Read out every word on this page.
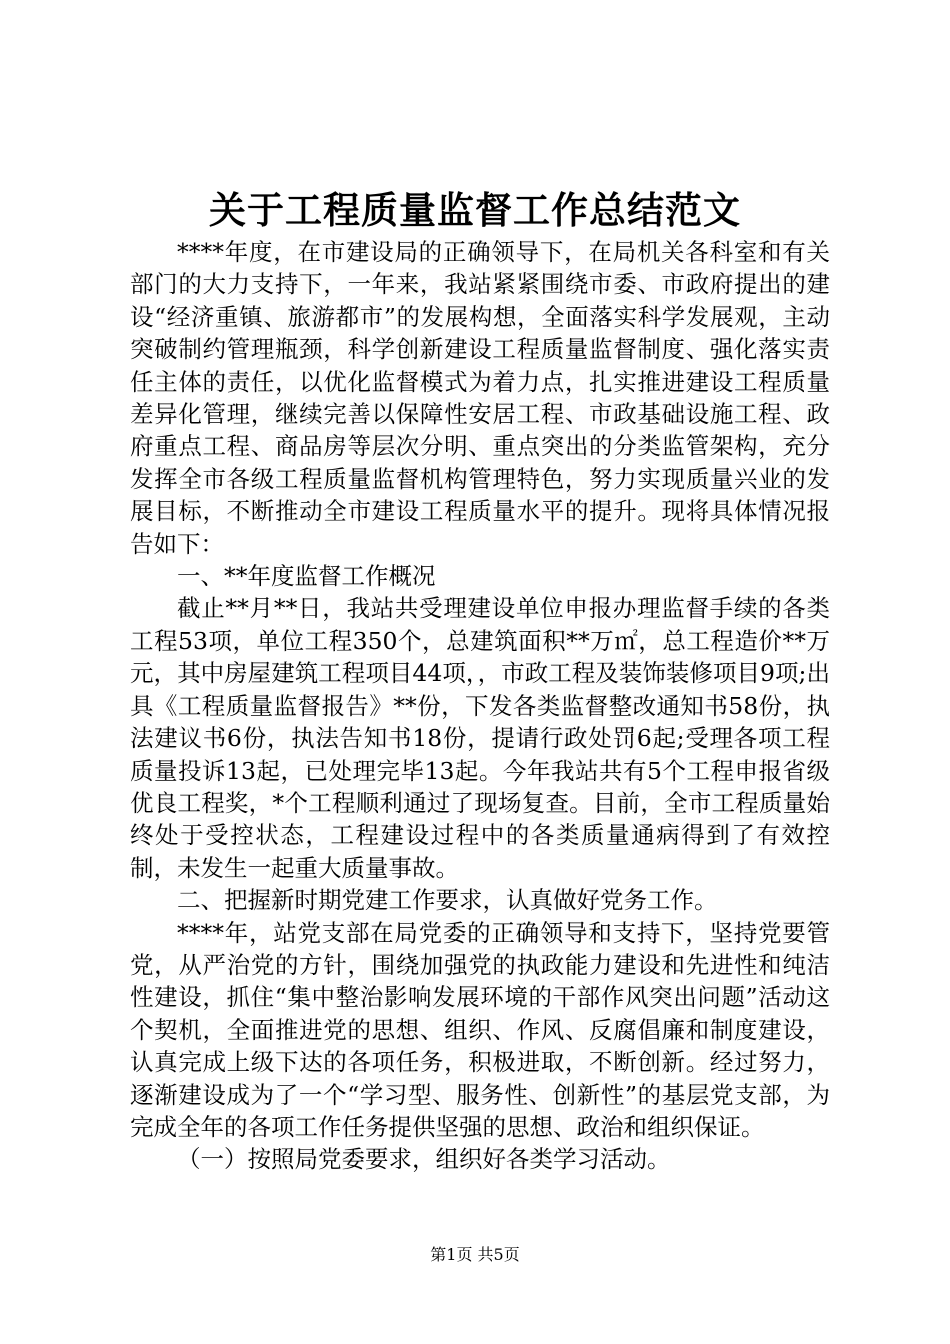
关于工程质量监督工作总结范文

****年度，在市建设局的正确领导下，在局机关各科室和有关部门的大力支持下，一年来，我站紧紧围绕市委、市政府提出的建设“经济重镇、旅游都市”的发展构想，全面落实科学发展观，主动突破制约管理瓶颈，科学创新建设工程质量监督制度、强化落实责任主体的责任，以优化监督模式为着力点，扎实推进建设工程质量差异化管理，继续完善以保障性安居工程、市政基础设施工程、政府重点工程、商品房等层次分明、重点突出的分类监管架构，充分发挥全市各级工程质量监督机构管理特色，努力实现质量兴业的发展目标，不断推动全市建设工程质量水平的提升。现将具体情况报告如下：

一、**年度监督工作概况

截止**月**日，我站共受理建设单位申报办理监督手续的各类工程53项，单位工程350个，总建筑面积**万㎡，总工程造价**万元，其中房屋建筑工程项目44项，，市政工程及装饰装修项目9项;出具《工程质量监督报告》**份，下发各类监督整改通知书58份，执法建议书6份，执法告知书18份，提请行政处罚6起;受理各项工程质量投诉13起，已处理完毕13起。今年我站共有5个工程申报省级优良工程奖，*个工程顺利通过了现场复查。目前，全市工程质量始终处于受控状态，工程建设过程中的各类质量通病得到了有效控制，未发生一起重大质量事故。

二、把握新时期党建工作要求，认真做好党务工作。

****年，站党支部在局党委的正确领导和支持下，坚持党要管党，从严治党的方针，围绕加强党的执政能力建设和先进性和纯洁性建设，抓住“集中整治影响发展环境的干部作风突出问题”活动这个契机，全面推进党的思想、组织、作风、反腐倡廉和制度建设，认真完成上级下达的各项任务，积极进取，不断创新。经过努力，逐渐建设成为了一个“学习型、服务性、创新性”的基层党支部，为完成全年的各项工作任务提供坚强的思想、政治和组织保证。

（一）按照局党委要求，组织好各类学习活动。

第1页 共5页
